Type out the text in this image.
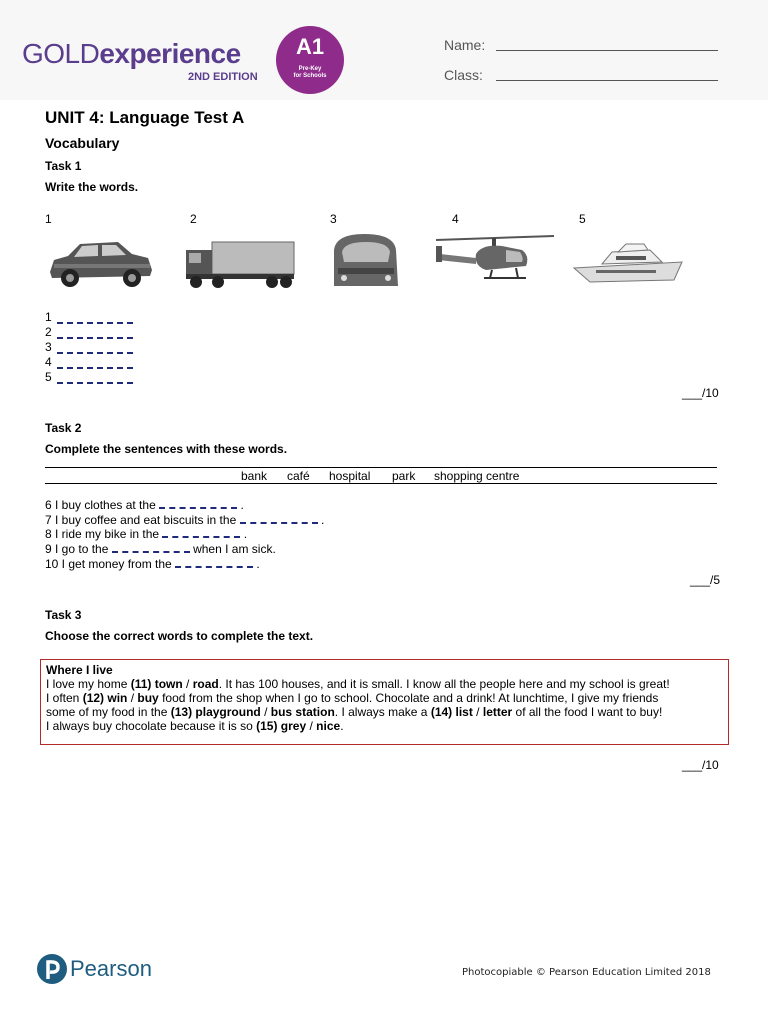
GOLDexperience
2ND EDITION
A1
Pre-Key
for Schools
Name:
Class:
UNIT 4: Language Test A
Vocabulary
Task 1
Write the words.
1	2	3	4	5
1
2
3
4
5
___/10
Task 2
Complete the sentences with these words.
bank café hospital park shopping centre
6 I buy clothes at the	.
7 I buy coffee and eat biscuits in the	.
8 I ride my bike in the	.
9 I go to the	when I am sick.
10 I get money from the	.
___/5
Task 3
Choose the correct words to complete the text.
Where I live
I love my home (11) town / road. It has 100 houses, and it is small. I know all the people here and my school is great!
I often (12) win / buy food from the shop when I go to school. Chocolate and a drink! At lunchtime, I give my friends
some of my food in the (13) playground / bus station. I always make a (14) list / letter of all the food I want to buy!
I always buy chocolate because it is so (15) grey / nice.
___/10
Pearson	Photocopiable © Pearson Education Limited 2018
